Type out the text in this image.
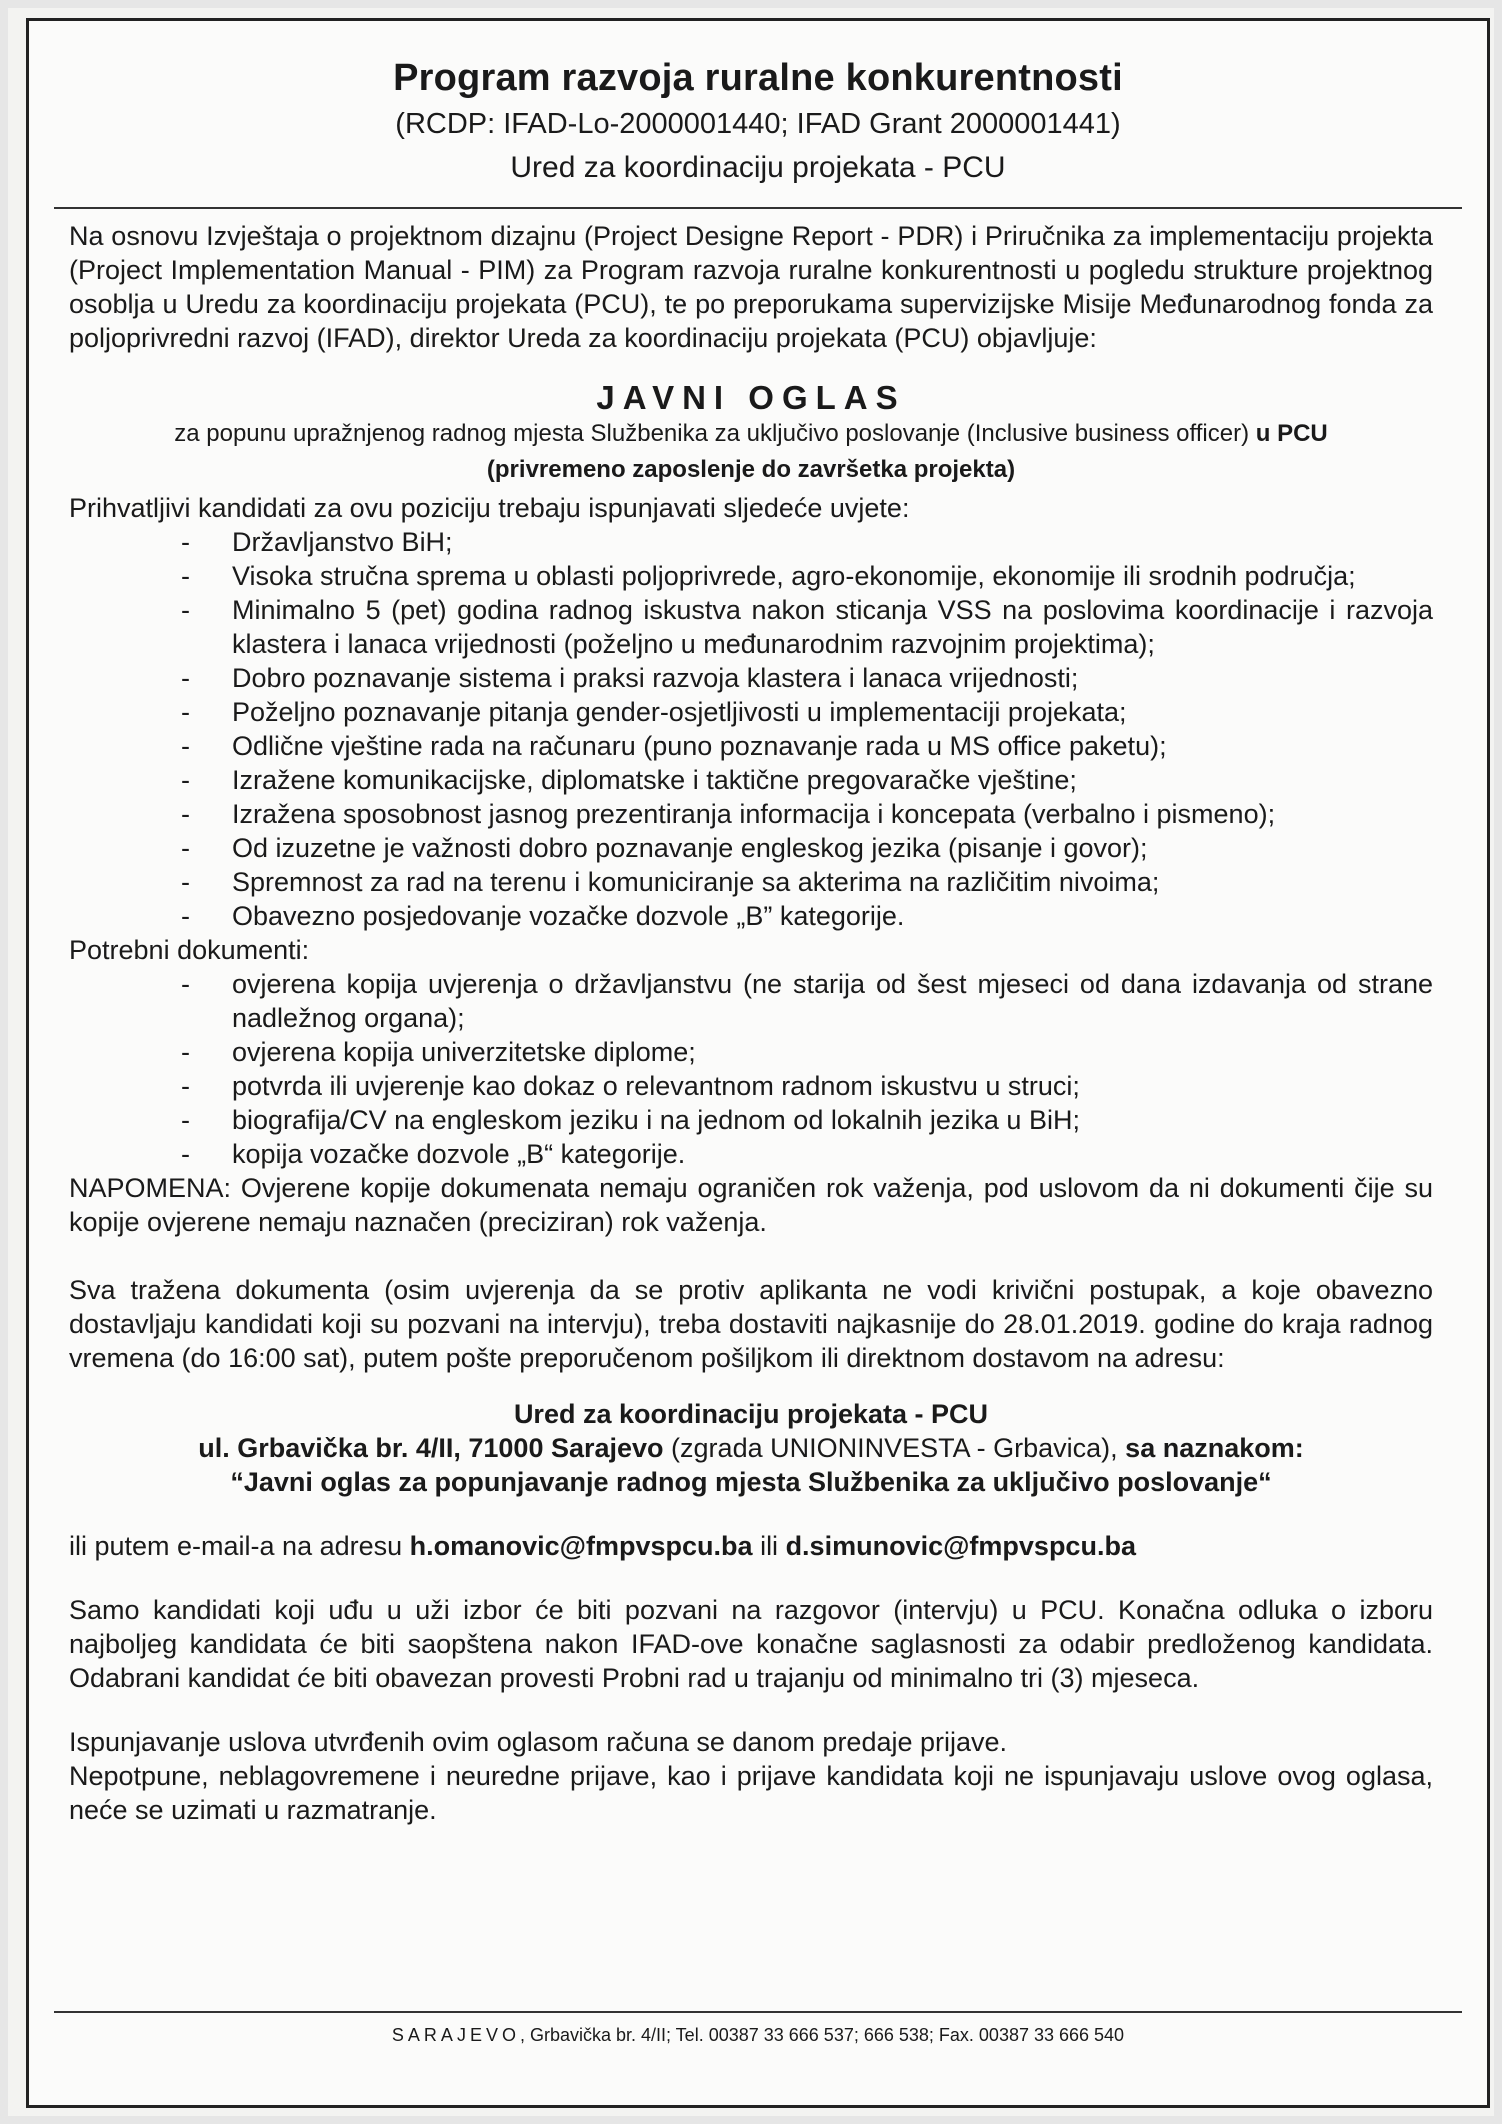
Program razvoja ruralne konkurentnosti
(RCDP: IFAD-Lo-2000001440; IFAD Grant 2000001441)
Ured za koordinaciju projekata - PCU
Na osnovu Izvještaja o projektnom dizajnu (Project Designe Report - PDR) i Priručnika za implementaciju projekta (Project Implementation Manual - PIM) za Program razvoja ruralne konkurentnosti u pogledu strukture projektnog osoblja u Uredu za koordinaciju projekata (PCU), te po preporukama supervizijske Misije Međunarodnog fonda za poljoprivredni razvoj (IFAD), direktor Ureda za koordinaciju projekata (PCU) objavljuje:
JAVNI OGLAS
za popunu upražnjenog radnog mjesta Službenika za uključivo poslovanje (Inclusive business officer) u PCU
(privremeno zaposlenje do završetka projekta)
Prihvatljivi kandidati za ovu poziciju trebaju ispunjavati sljedeće uvjete:
- Državljanstvo BiH;
- Visoka stručna sprema u oblasti poljoprivrede, agro-ekonomije, ekonomije ili srodnih područja;
- Minimalno 5 (pet) godina radnog iskustva nakon sticanja VSS na poslovima koordinacije i razvoja klastera i lanaca vrijednosti (poželjno u međunarodnim razvojnim projektima);
- Dobro poznavanje sistema i praksi razvoja klastera i lanaca vrijednosti;
- Poželjno poznavanje pitanja gender-osjetljivosti u implementaciji projekata;
- Odlične vještine rada na računaru (puno poznavanje rada u MS office paketu);
- Izražene komunikacijske, diplomatske i taktične pregovaračke vještine;
- Izražena sposobnost jasnog prezentiranja informacija i koncepata (verbalno i pismeno);
- Od izuzetne je važnosti dobro poznavanje engleskog jezika (pisanje i govor);
- Spremnost za rad na terenu i komuniciranje sa akterima na različitim nivoima;
- Obavezno posjedovanje vozačke dozvole „B” kategorije.
Potrebni dokumenti:
- ovjerena kopija uvjerenja o državljanstvu (ne starija od šest mjeseci od dana izdavanja od strane nadležnog organa);
- ovjerena kopija univerzitetske diplome;
- potvrda ili uvjerenje kao dokaz o relevantnom radnom iskustvu u struci;
- biografija/CV na engleskom jeziku i na jednom od lokalnih jezika u BiH;
- kopija vozačke dozvole „B“ kategorije.
NAPOMENA: Ovjerene kopije dokumenata nemaju ograničen rok važenja, pod uslovom da ni dokumenti čije su kopije ovjerene nemaju naznačen (preciziran) rok važenja.
Sva tražena dokumenta (osim uvjerenja da se protiv aplikanta ne vodi krivični postupak, a koje obavezno dostavljaju kandidati koji su pozvani na intervju), treba dostaviti najkasnije do 28.01.2019. godine do kraja radnog vremena (do 16:00 sat), putem pošte preporučenom pošiljkom ili direktnom dostavom na adresu:
Ured za koordinaciju projekata - PCU
ul. Grbavička br. 4/II, 71000 Sarajevo (zgrada UNIONINVESTA - Grbavica), sa naznakom:
“Javni oglas za popunjavanje radnog mjesta Službenika za uključivo poslovanje“
ili putem e-mail-a na adresu h.omanovic@fmpvspcu.ba ili d.simunovic@fmpvspcu.ba
Samo kandidati koji uđu u uži izbor će biti pozvani na razgovor (intervju) u PCU. Konačna odluka o izboru najboljeg kandidata će biti saopštena nakon IFAD-ove konačne saglasnosti za odabir predloženog kandidata. Odabrani kandidat će biti obavezan provesti Probni rad u trajanju od minimalno tri (3) mjeseca.
Ispunjavanje uslova utvrđenih ovim oglasom računa se danom predaje prijave.
Nepotpune, neblagovremene i neuredne prijave, kao i prijave kandidata koji ne ispunjavaju uslove ovog oglasa, neće se uzimati u razmatranje.
SARAJEVO, Grbavička br. 4/II; Tel. 00387 33 666 537; 666 538; Fax. 00387 33 666 540
